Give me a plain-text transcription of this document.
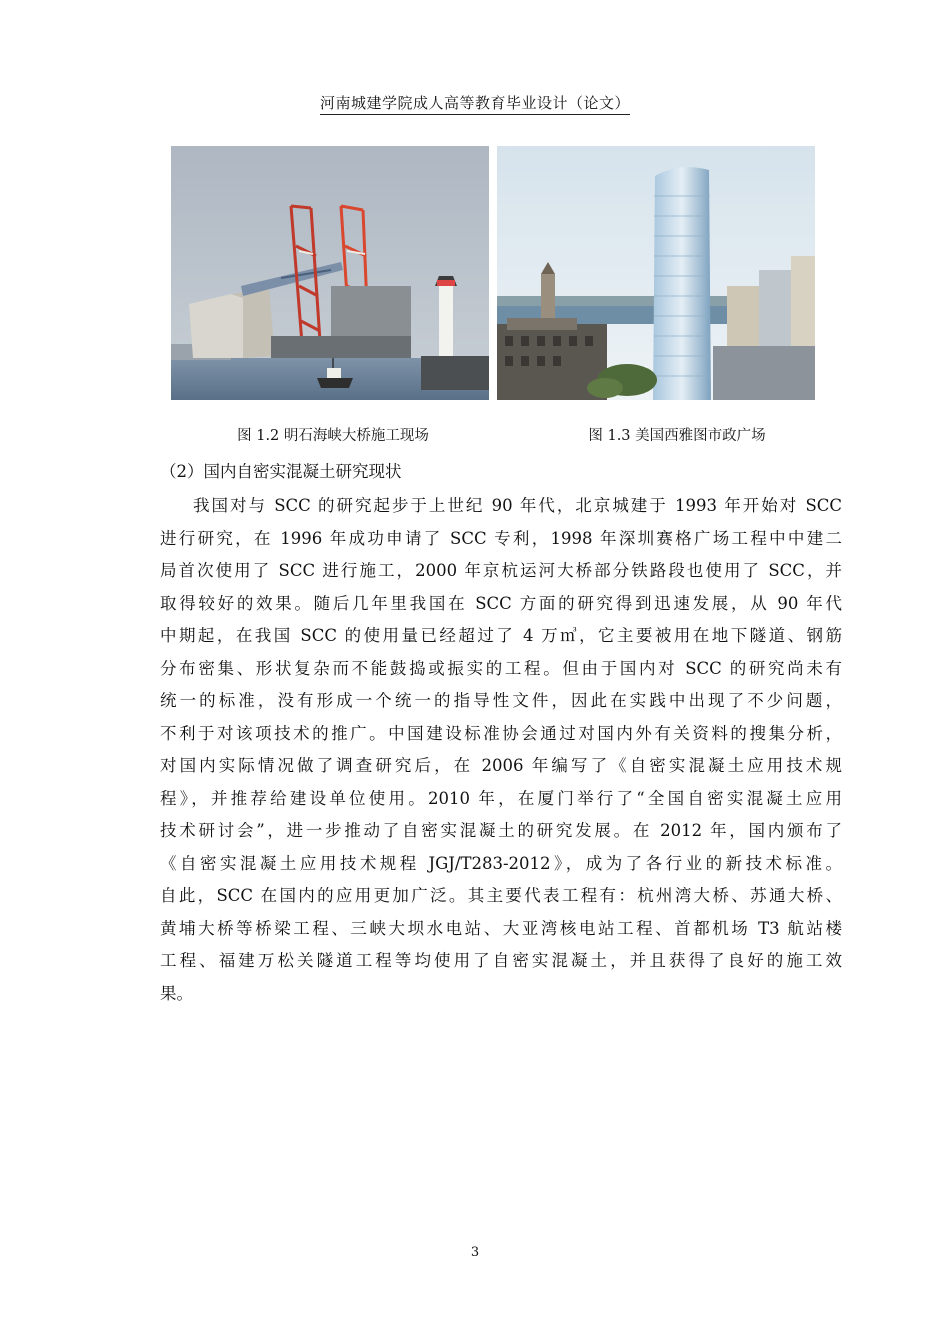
河南城建学院成人高等教育毕业设计（论文）
图 1.2 明石海峡大桥施工现场	图 1.3 美国西雅图市政广场
（2）国内自密实混凝土研究现状
我国对与 SCC 的研究起步于上世纪 90 年代，北京城建于 1993 年开始对 SCC
进行研究，在 1996 年成功申请了 SCC 专利，1998 年深圳赛格广场工程中中建二
局首次使用了 SCC 进行施工，2000 年京杭运河大桥部分铁路段也使用了 SCC，并
取得较好的效果。随后几年里我国在 SCC 方面的研究得到迅速发展，从 90 年代
中期起，在我国 SCC 的使用量已经超过了 4 万㎥，它主要被用在地下隧道、钢筋
分布密集、形状复杂而不能鼓捣或振实的工程。但由于国内对 SCC 的研究尚未有
统一的标准，没有形成一个统一的指导性文件，因此在实践中出现了不少问题，
不利于对该项技术的推广。中国建设标准协会通过对国内外有关资料的搜集分析，
对国内实际情况做了调查研究后，在 2006 年编写了《自密实混凝土应用技术规
程》，并推荐给建设单位使用。2010 年，在厦门举行了“全国自密实混凝土应用
技术研讨会”，进一步推动了自密实混凝土的研究发展。在 2012 年，国内颁布了
《自密实混凝土应用技术规程 JGJ/T283-2012》，成为了各行业的新技术标准。
自此，SCC 在国内的应用更加广泛。其主要代表工程有：杭州湾大桥、苏通大桥、
黄埔大桥等桥梁工程、三峡大坝水电站、大亚湾核电站工程、首都机场 T3 航站楼
工程、福建万松关隧道工程等均使用了自密实混凝土，并且获得了良好的施工效
果。
3
